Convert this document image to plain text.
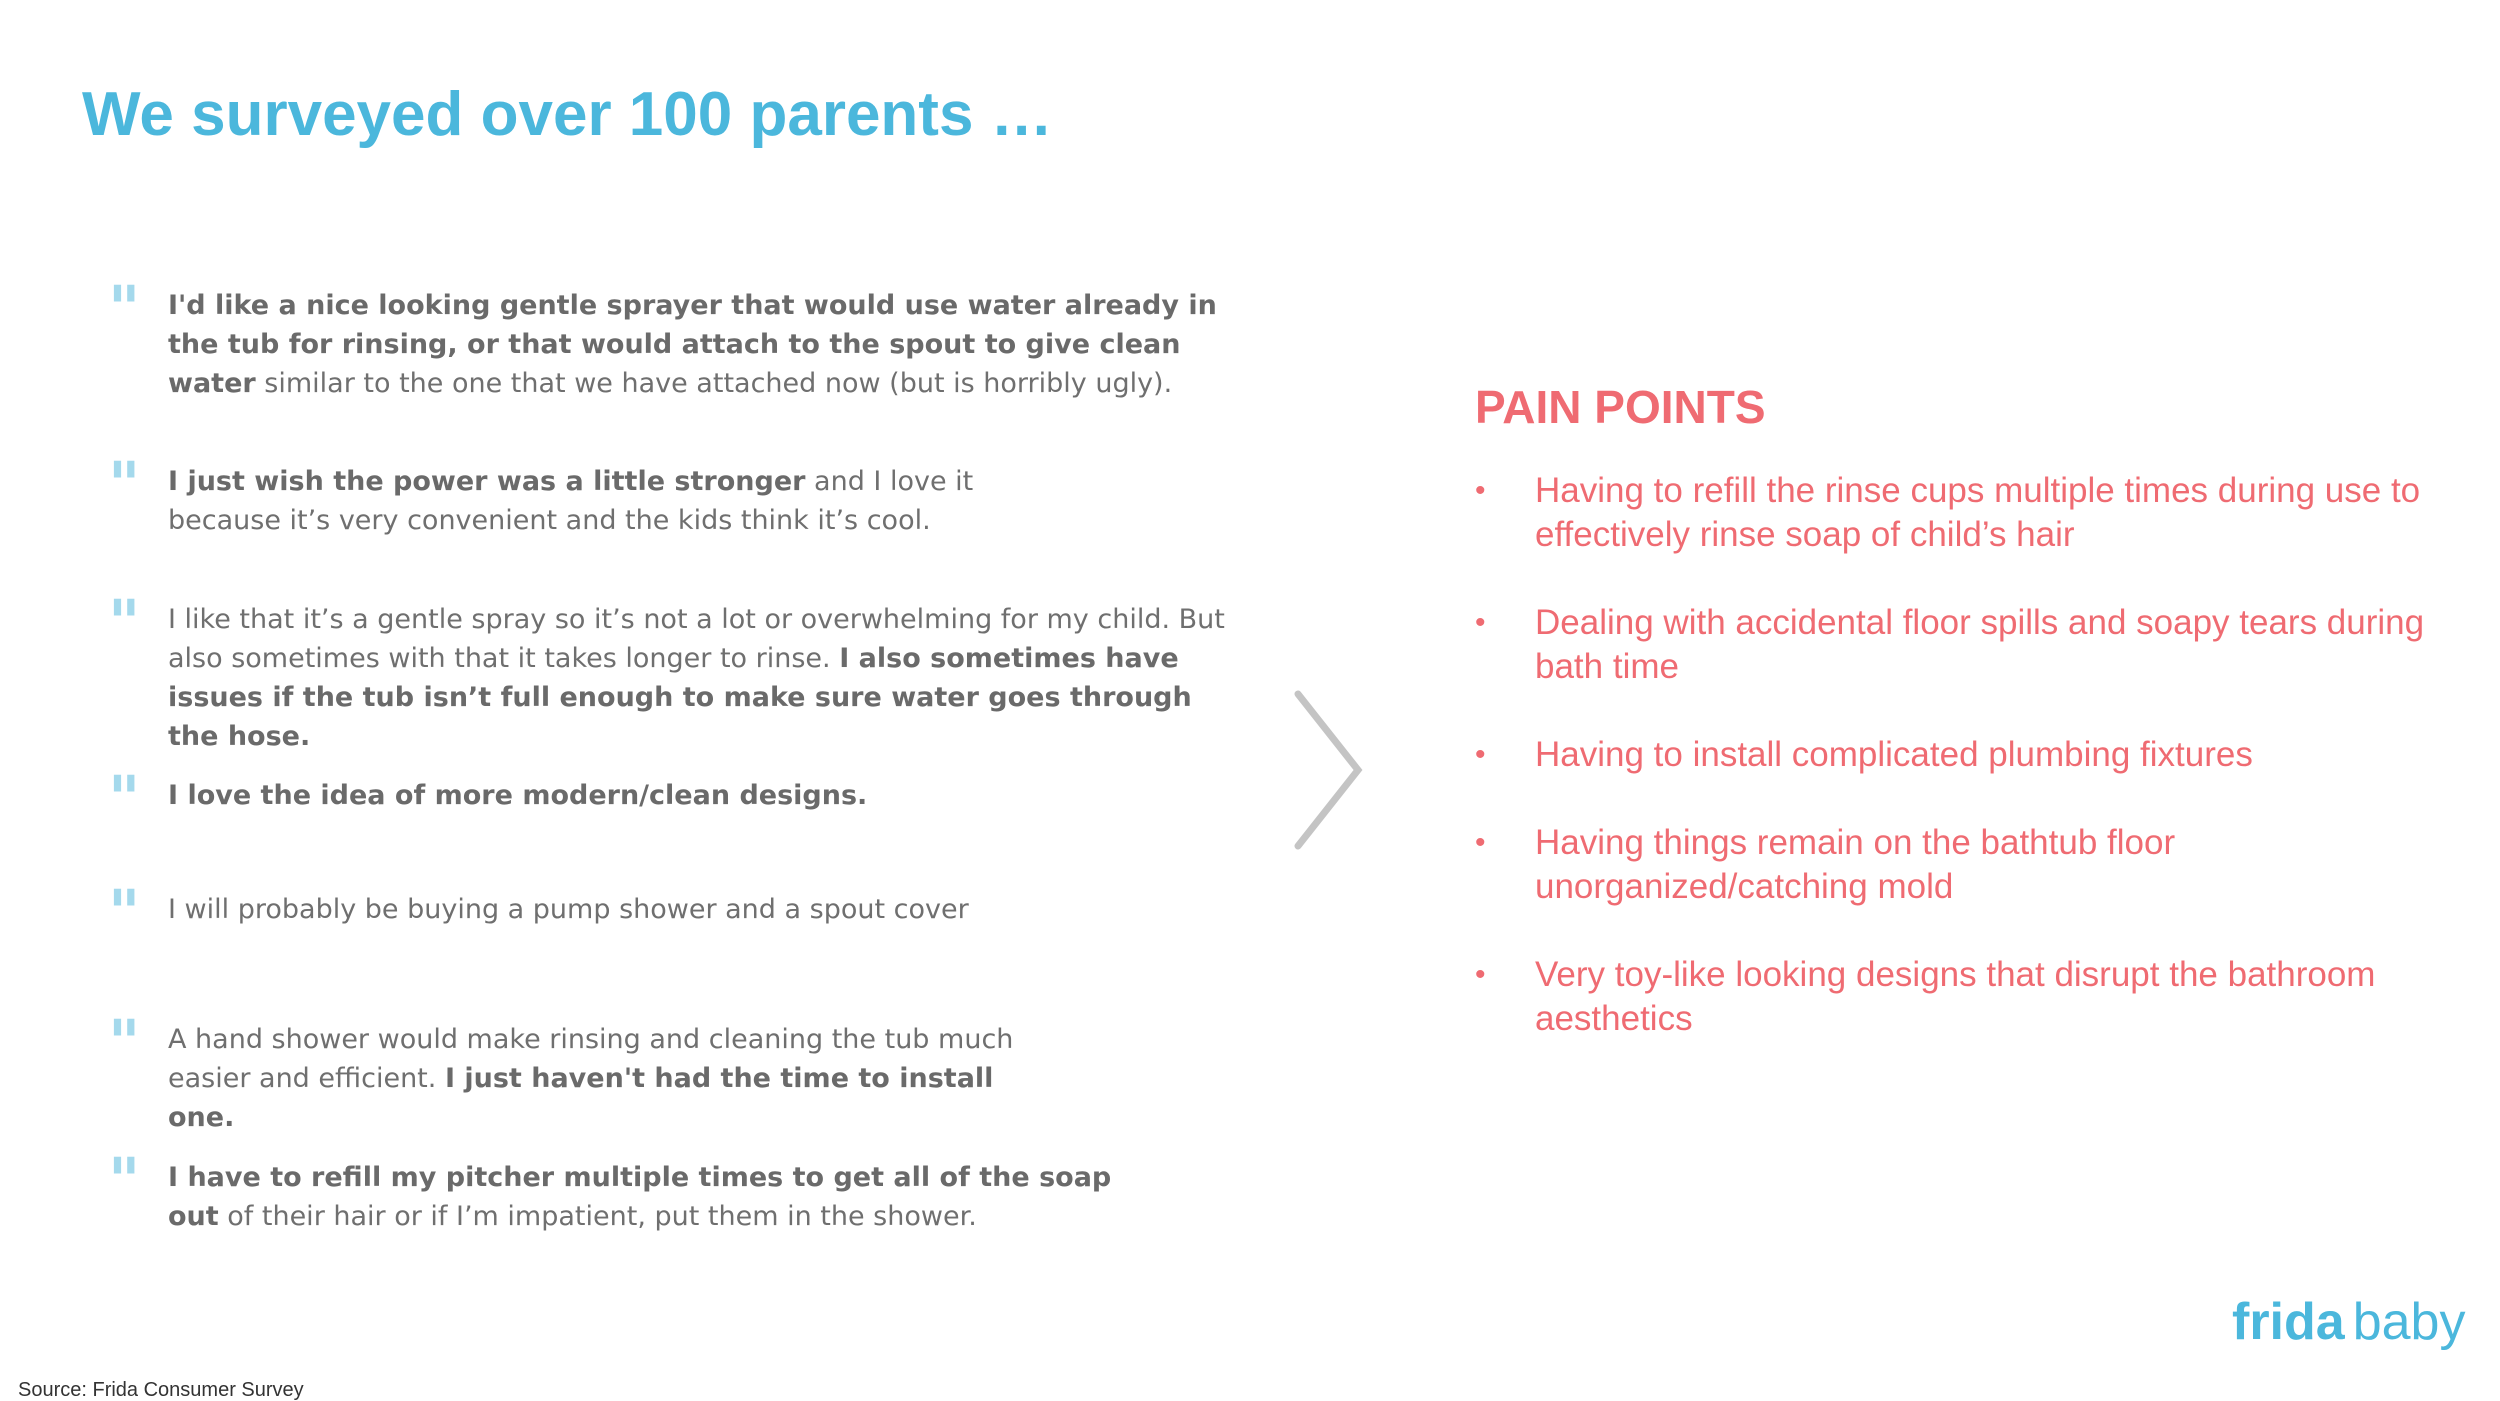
We surveyed over 100 parents …
" I'd like a nice looking gentle sprayer that would use water already in the tub for rinsing, or that would attach to the spout to give clean water similar to the one that we have attached now (but is horribly ugly).

" I just wish the power was a little stronger and I love it because it’s very convenient and the kids think it’s cool.

" I like that it’s a gentle spray so it’s not a lot or overwhelming for my child. But also sometimes with that it takes longer to rinse. I also sometimes have issues if the tub isn’t full enough to make sure water goes through the hose.

" I love the idea of more modern/clean designs.

" I will probably be buying a pump shower and a spout cover

" A hand shower would make rinsing and cleaning the tub much easier and efficient. I just haven't had the time to install one.

" I have to refill my pitcher multiple times to get all of the soap out of their hair or if I’m impatient, put them in the shower.

PAIN POINTS
• Having to refill the rinse cups multiple times during use to effectively rinse soap of child’s hair
• Dealing with accidental floor spills and soapy tears during bath time
• Having to install complicated plumbing fixtures
• Having things remain on the bathtub floor unorganized/catching mold
• Very toy-like looking designs that disrupt the bathroom aesthetics
frida baby
Source: Frida Consumer Survey
